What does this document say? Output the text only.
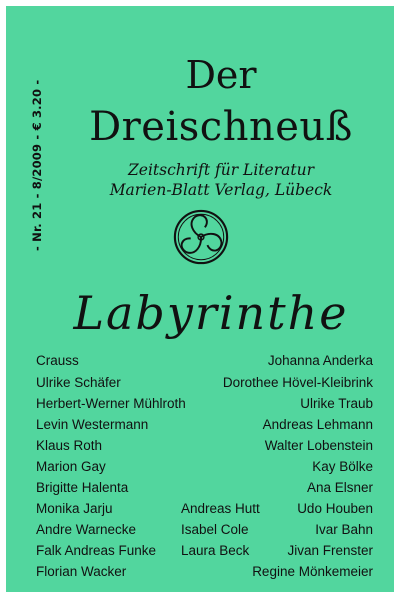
- Nr. 21 - 8/2009 - € 3.20 -
Der
Dreischneuß
Zeitschrift für Literatur
Marien-Blatt Verlag, Lübeck
Labyrinthe
Crauss
Ulrike Schäfer
Herbert-Werner Mühlroth
Levin Westermann
Klaus Roth
Marion Gay
Brigitte Halenta
Monika Jarju
Andre Warnecke
Falk Andreas Funke
Florian Wacker
Andreas Hutt
Isabel Cole
Laura Beck
Johanna Anderka
Dorothee Hövel-Kleibrink
Ulrike Traub
Andreas Lehmann
Walter Lobenstein
Kay Bölke
Ana Elsner
Udo Houben
Ivar Bahn
Jivan Frenster
Regine Mönkemeier
